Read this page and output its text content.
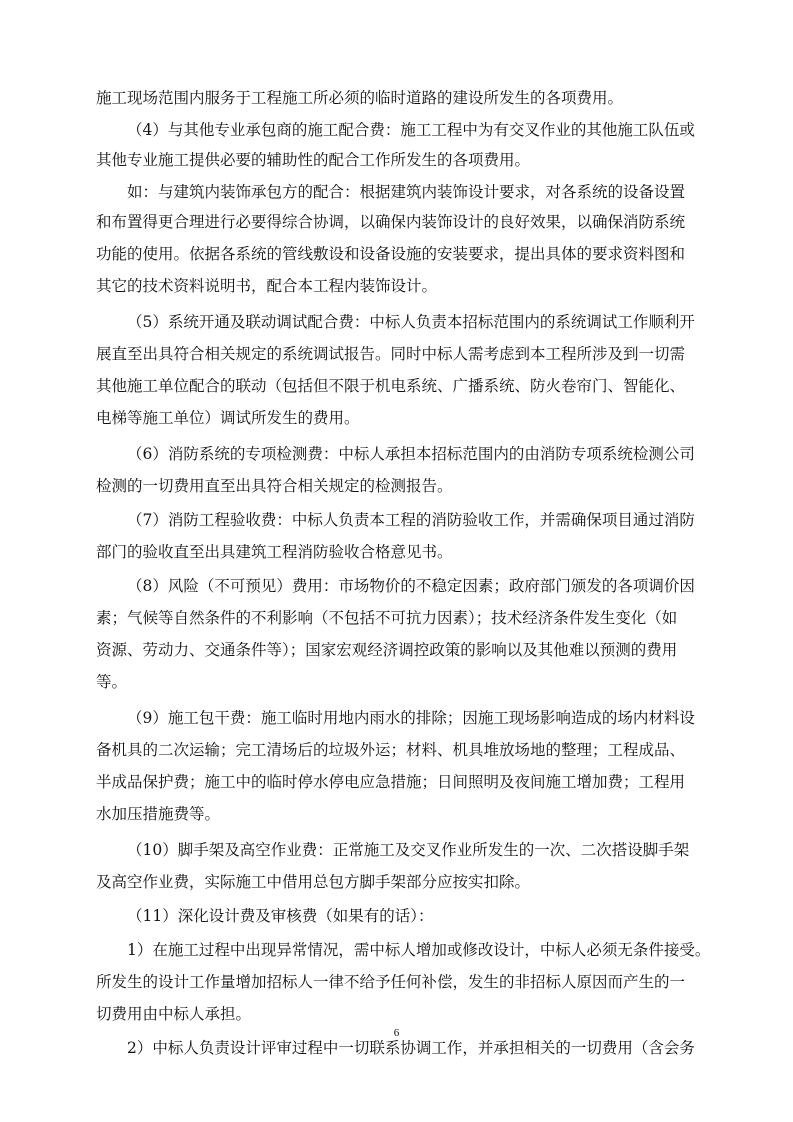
施工现场范围内服务于工程施工所必须的临时道路的建设所发生的各项费用。
（4）与其他专业承包商的施工配合费：施工工程中为有交叉作业的其他施工队伍或
其他专业施工提供必要的辅助性的配合工作所发生的各项费用。
如：与建筑内装饰承包方的配合：根据建筑内装饰设计要求，对各系统的设备设置
和布置得更合理进行必要得综合协调，以确保内装饰设计的良好效果，以确保消防系统
功能的使用。依据各系统的管线敷设和设备设施的安装要求，提出具体的要求资料图和
其它的技术资料说明书，配合本工程内装饰设计。
（5）系统开通及联动调试配合费：中标人负责本招标范围内的系统调试工作顺利开
展直至出具符合相关规定的系统调试报告。同时中标人需考虑到本工程所涉及到一切需
其他施工单位配合的联动（包括但不限于机电系统、广播系统、防火卷帘门、智能化、
电梯等施工单位）调试所发生的费用。
（6）消防系统的专项检测费：中标人承担本招标范围内的由消防专项系统检测公司
检测的一切费用直至出具符合相关规定的检测报告。
（7）消防工程验收费：中标人负责本工程的消防验收工作，并需确保项目通过消防
部门的验收直至出具建筑工程消防验收合格意见书。
（8）风险（不可预见）费用：市场物价的不稳定因素；政府部门颁发的各项调价因
素；气候等自然条件的不利影响（不包括不可抗力因素）；技术经济条件发生变化（如
资源、劳动力、交通条件等）；国家宏观经济调控政策的影响以及其他难以预测的费用
等。
（9）施工包干费：施工临时用地内雨水的排除；因施工现场影响造成的场内材料设
备机具的二次运输；完工清场后的垃圾外运；材料、机具堆放场地的整理；工程成品、
半成品保护费；施工中的临时停水停电应急措施；日间照明及夜间施工增加费；工程用
水加压措施费等。
（10）脚手架及高空作业费：正常施工及交叉作业所发生的一次、二次搭设脚手架
及高空作业费，实际施工中借用总包方脚手架部分应按实扣除。
（11）深化设计费及审核费（如果有的话）：
1）在施工过程中出现异常情况，需中标人增加或修改设计，中标人必须无条件接受。
所发生的设计工作量增加招标人一律不给予任何补偿，发生的非招标人原因而产生的一
切费用由中标人承担。
2）中标人负责设计评审过程中一切联系协调工作，并承担相关的一切费用（含会务
6
